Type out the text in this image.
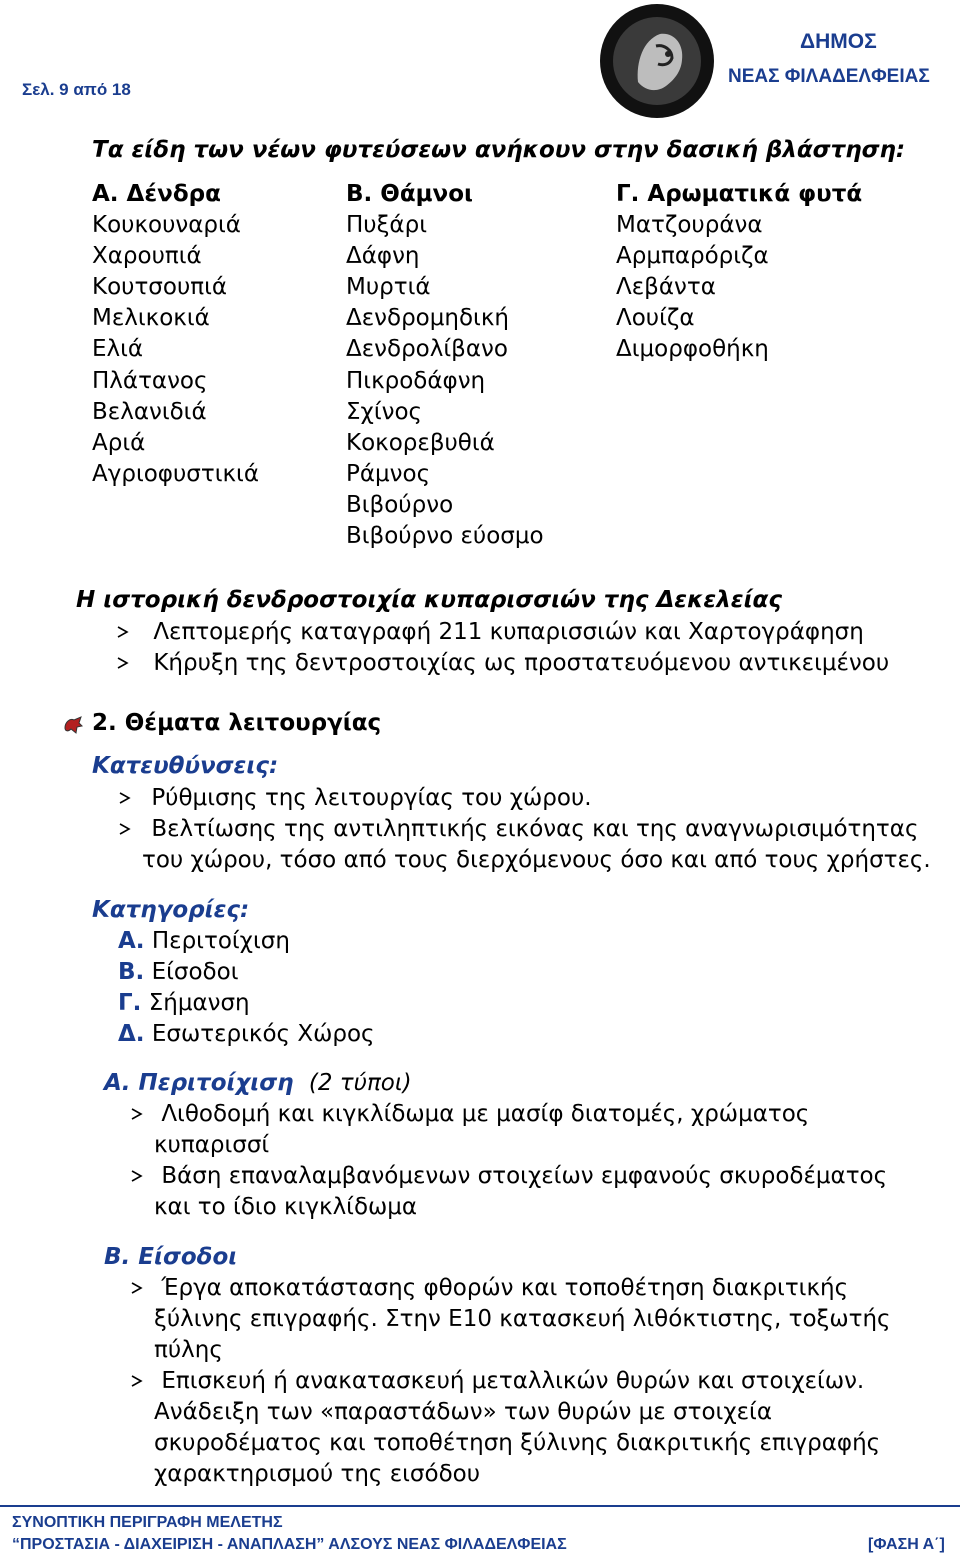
Σελ. 9 από 18
ΔΗΜΟΣ
ΝΕΑΣ ΦΙΛΑΔΕΛΦΕΙΑΣ
Τα είδη των νέων φυτεύσεων ανήκουν στην δασική βλάστηση:
Α. Δένδρα
Κουκουναριά
Χαρουπιά
Κουτσουπιά
Μελικοκιά
Ελιά
Πλάτανος
Βελανιδιά
Αριά
Αγριοφυστικιά
Β. Θάμνοι
Πυξάρι
Δάφνη
Μυρτιά
Δενδρομηδική
Δενδρολίβανο
Πικροδάφνη
Σχίνος
Κοκορεβυθιά
Ράμνος
Βιβούρνο
Βιβούρνο εύοσμο
Γ. Αρωματικά φυτά
Ματζουράνα
Αρμπαρόριζα
Λεβάντα
Λουίζα
Διμορφοθήκη
Η ιστορική δενδροστοιχία κυπαρισσιών της Δεκελείας
Λεπτομερής καταγραφή 211 κυπαρισσιών και Χαρτογράφηση
Κήρυξη της δεντροστοιχίας ως προστατευόμενου αντικειμένου
2. Θέματα λειτουργίας
Κατευθύνσεις:
Ρύθμισης της λειτουργίας του χώρου.
Βελτίωσης της αντιληπτικής εικόνας και της αναγνωρισιμότητας
του χώρου, τόσο από τους διερχόμενους όσο και από τους χρήστες.
Κατηγορίες:
Α. Περιτοίχιση
Β. Είσοδοι
Γ. Σήμανση
Δ. Εσωτερικός Χώρος
Α. Περιτοίχιση (2 τύποι)
Λιθοδομή και κιγκλίδωμα με μασίφ διατομές, χρώματος
κυπαρισσί
Βάση επαναλαμβανόμενων στοιχείων εμφανούς σκυροδέματος
και το ίδιο κιγκλίδωμα
Β. Είσοδοι
Έργα αποκατάστασης φθορών και τοποθέτηση διακριτικής
ξύλινης επιγραφής. Στην Ε10 κατασκευή λιθόκτιστης, τοξωτής
πύλης
Επισκευή ή ανακατασκευή μεταλλικών θυρών και στοιχείων.
Ανάδειξη των «παραστάδων» των θυρών με στοιχεία
σκυροδέματος και τοποθέτηση ξύλινης διακριτικής επιγραφής
χαρακτηρισμού της εισόδου
ΣΥΝΟΠΤΙΚΗ ΠΕΡΙΓΡΑΦΗ ΜΕΛΕΤΗΣ
“ΠΡΟΣΤΑΣΙΑ - ΔΙΑΧΕΙΡΙΣΗ - ΑΝΑΠΛΑΣΗ” ΑΛΣΟΥΣ ΝΕΑΣ ΦΙΛΑΔΕΛΦΕΙΑΣ	[ΦΑΣΗ Α΄]
